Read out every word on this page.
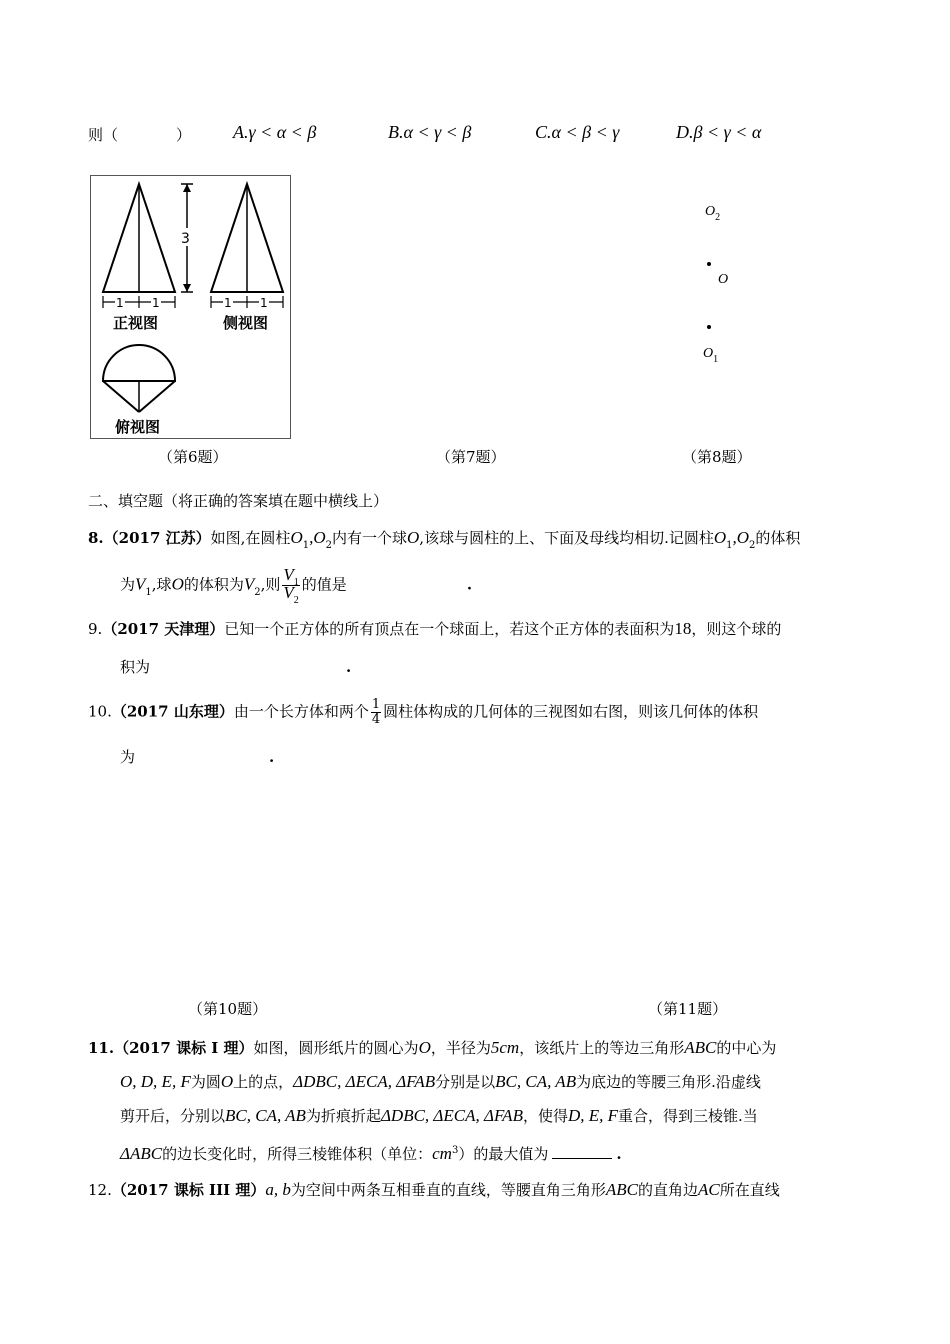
则（	）	A.γ < α < β	B.α < γ < β	C.α < β < γ	D.β < γ < α
3
1 1
正视图
1 1
侧视图
俯视图
$O_2$
O
$O_1$
（第6题）	（第7题）	（第8题）
二、填空题（将正确的答案填在题中横线上）
8.（2017 江苏）如图,在圆柱$O_1,O_2$内有一个球O,该球与圆柱的上、下面及母线均相切.记圆柱$O_1,O_2$的体积
为$V_1$,球O的体积为$V_2$,则 $\frac{V_1}{V_2}$ 的值是	.
9.（2017 天津理）已知一个正方体的所有顶点在一个球面上，若这个正方体的表面积为18，则这个球的
积为	.
10.（2017 山东理）由一个长方体和两个 $\frac{1}{4}$ 圆柱体构成的几何体的三视图如右图，则该几何体的体积
为	.
（第10题）	（第11题）
11.（2017 课标 I 理）如图，圆形纸片的圆心为O，半径为5cm，该纸片上的等边三角形ABC的中心为
O, D, E, F为圆O上的点，ΔDBC, ΔECA, ΔFAB分别是以BC, CA, AB为底边的等腰三角形.沿虚线
剪开后，分别以BC, CA, AB为折痕折起ΔDBC, ΔECA, ΔFAB，使得D, E, F重合，得到三棱锥.当
ΔABC的边长变化时，所得三棱锥体积（单位：$cm^3$）的最大值为	.
12.（2017 课标 III 理）a, b为空间中两条互相垂直的直线，等腰直角三角形ABC的直角边AC所在直线
